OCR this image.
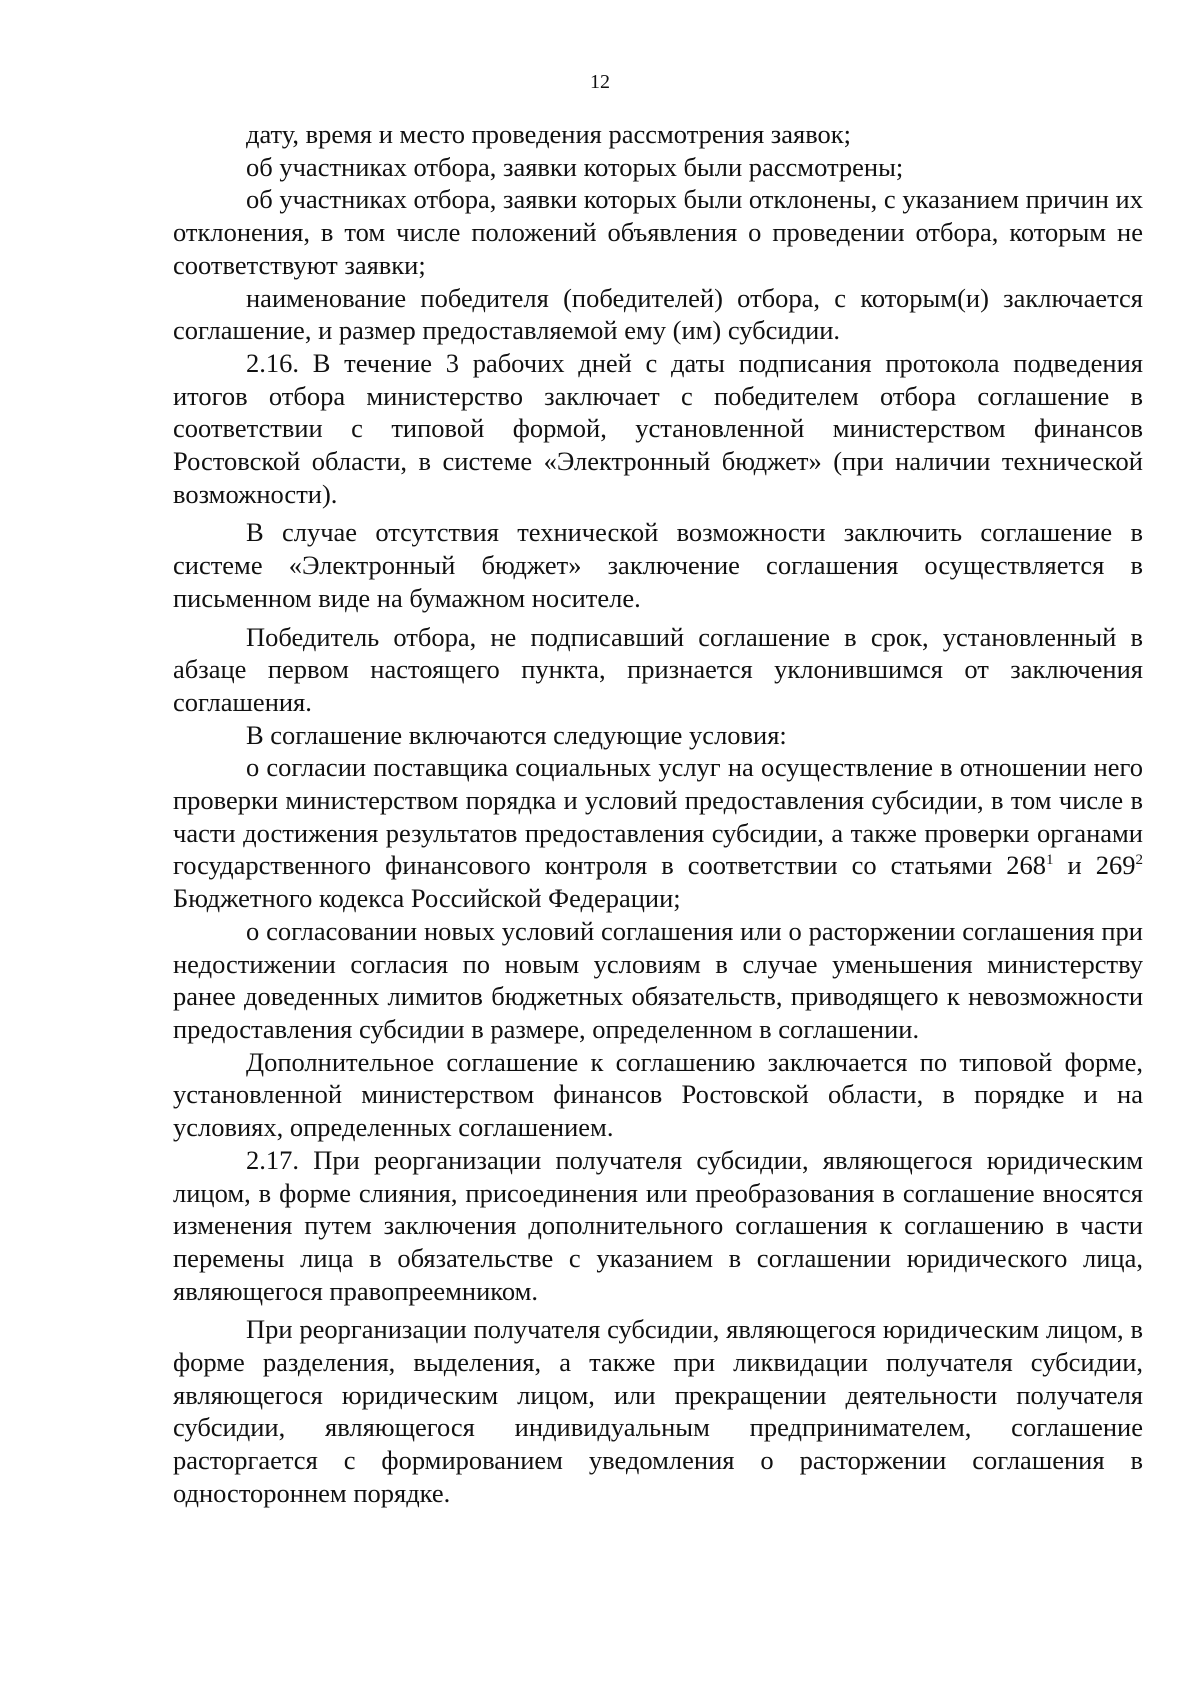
12

дату, время и место проведения рассмотрения заявок;

об участниках отбора, заявки которых были рассмотрены;

об участниках отбора, заявки которых были отклонены, с указанием причин их отклонения, в том числе положений объявления о проведении отбора, которым не соответствуют заявки;

наименование победителя (победителей) отбора, с которым(и) заключается соглашение, и размер предоставляемой ему (им) субсидии.

2.16. В течение 3 рабочих дней с даты подписания протокола подведения итогов отбора министерство заключает с победителем отбора соглашение в соответствии с типовой формой, установленной министерством финансов Ростовской области, в системе «Электронный бюджет» (при наличии технической возможности).

В случае отсутствия технической возможности заключить соглашение в системе «Электронный бюджет» заключение соглашения осуществляется в письменном виде на бумажном носителе.

Победитель отбора, не подписавший соглашение в срок, установленный в абзаце первом настоящего пункта, признается уклонившимся от заключения соглашения.

В соглашение включаются следующие условия:

о согласии поставщика социальных услуг на осуществление в отношении него проверки министерством порядка и условий предоставления субсидии, в том числе в части достижения результатов предоставления субсидии, а также проверки органами государственного финансового контроля в соответствии со статьями $268^1$ и $269^2$ Бюджетного кодекса Российской Федерации;

о согласовании новых условий соглашения или о расторжении соглашения при недостижении согласия по новым условиям в случае уменьшения министерству ранее доведенных лимитов бюджетных обязательств, приводящего к невозможности предоставления субсидии в размере, определенном в соглашении.

Дополнительное соглашение к соглашению заключается по типовой форме, установленной министерством финансов Ростовской области, в порядке и на условиях, определенных соглашением.

2.17. При реорганизации получателя субсидии, являющегося юридическим лицом, в форме слияния, присоединения или преобразования в соглашение вносятся изменения путем заключения дополнительного соглашения к соглашению в части перемены лица в обязательстве с указанием в соглашении юридического лица, являющегося правопреемником.

При реорганизации получателя субсидии, являющегося юридическим лицом, в форме разделения, выделения, а также при ликвидации получателя субсидии, являющегося юридическим лицом, или прекращении деятельности получателя субсидии, являющегося индивидуальным предпринимателем, соглашение расторгается с формированием уведомления о расторжении соглашения в одностороннем порядке.
